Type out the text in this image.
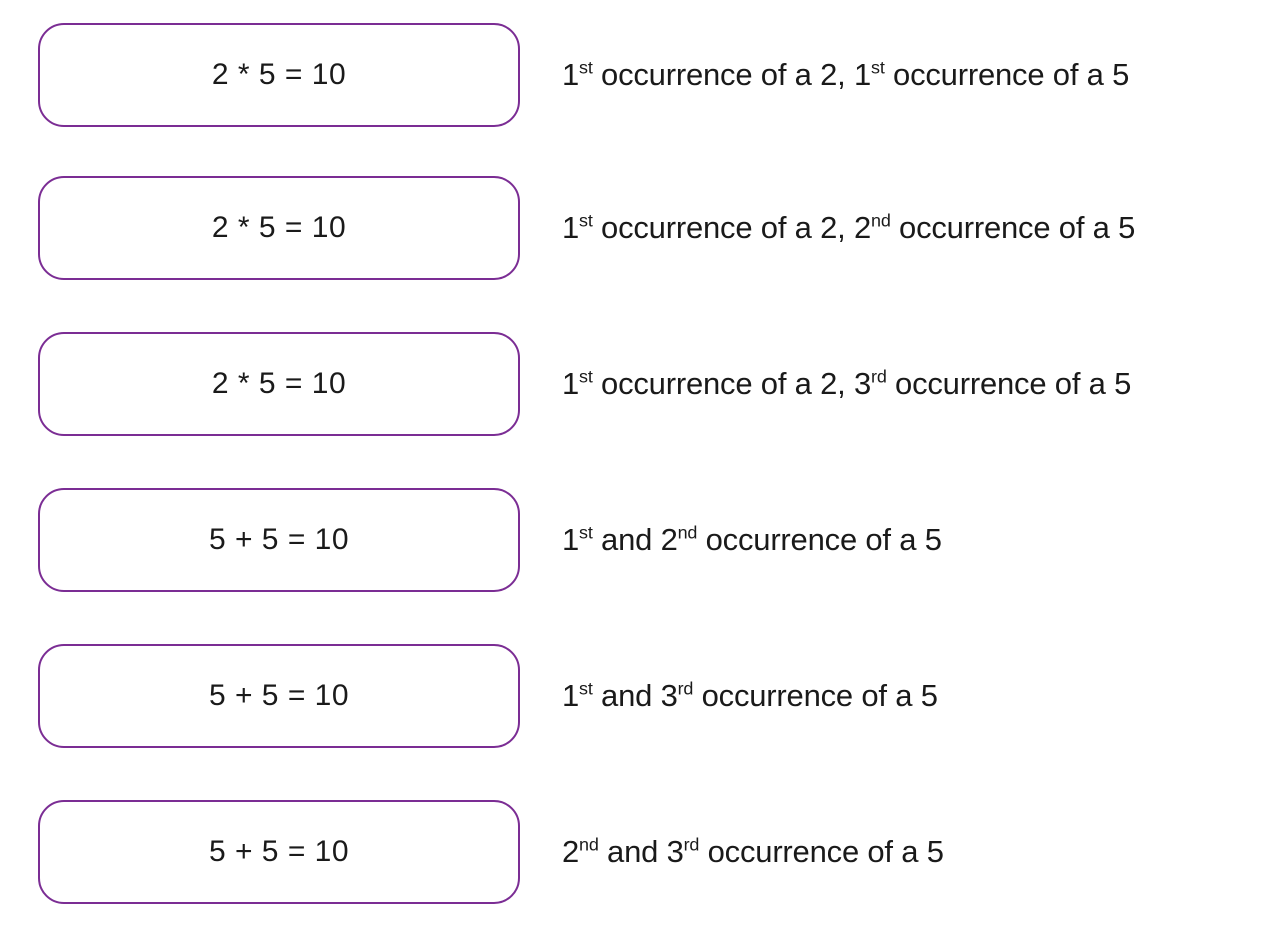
2 * 5 = 10	1st occurrence of a 2, 1st occurrence of a 5
2 * 5 = 10	1st occurrence of a 2, 2nd occurrence of a 5
2 * 5 = 10	1st occurrence of a 2, 3rd occurrence of a 5
5 + 5 = 10	1st and 2nd occurrence of a 5
5 + 5 = 10	1st and 3rd occurrence of a 5
5 + 5 = 10	2nd and 3rd occurrence of a 5
